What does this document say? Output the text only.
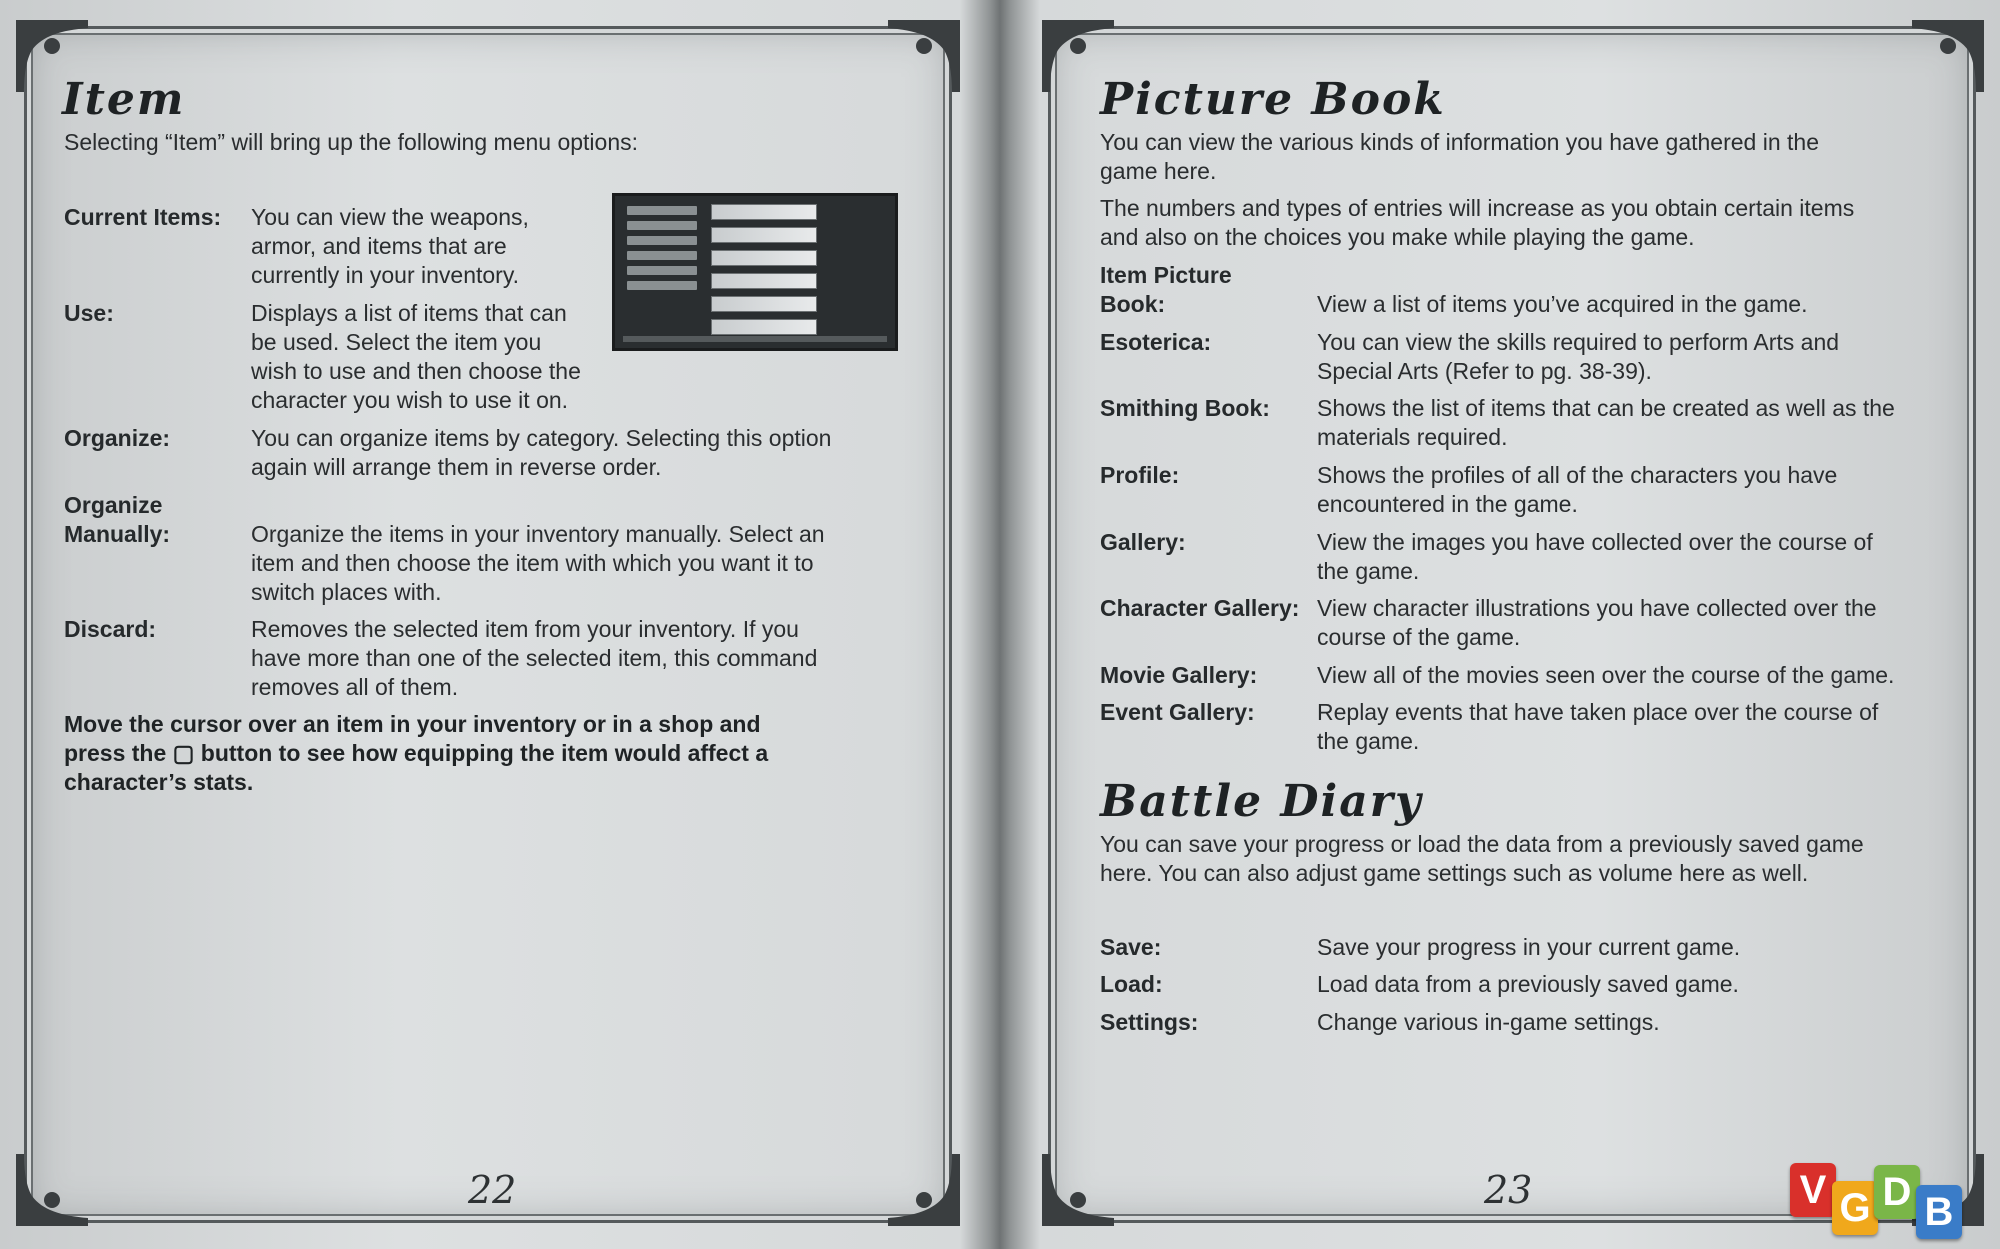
Item

Selecting “Item” will bring up the following menu options:

Current Items: You can view the weapons,
armor, and items that are
currently in your inventory.
Use:	Displays a list of items that can
be used. Select the item you
wish to use and then choose the
character you wish to use it on.
Organize:	You can organize items by category. Selecting this option
again will arrange them in reverse order.
Organize
Manually:	Organize the items in your inventory manually. Select an
item and then choose the item with which you want it to
switch places with.
Discard:	Removes the selected item from your inventory. If you
have more than one of the selected item, this command
removes all of them.
Move the cursor over an item in your inventory or in a shop and
press the ▢ button to see how equipping the item would affect a
character’s stats.
22
Picture Book
You can view the various kinds of information you have gathered in the
game here.
The numbers and types of entries will increase as you obtain certain items
and also on the choices you make while playing the game.
Item Picture
Book:	View a list of items you’ve acquired in the game.
Esoterica:	You can view the skills required to perform Arts and
Special Arts (Refer to pg. 38-39).
Smithing Book: Shows the list of items that can be created as well as the
materials required.
Profile:	Shows the profiles of all of the characters you have
encountered in the game.
Gallery:	View the images you have collected over the course of
the game.
Character Gallery: View character illustrations you have collected over the
course of the game.
Movie Gallery:	View all of the movies seen over the course of the game.
Event Gallery:	Replay events that have taken place over the course of
the game.
Battle Diary
You can save your progress or load the data from a previously saved game
here. You can also adjust game settings such as volume here as well.
Save:	Save your progress in your current game.
Load:	Load data from a previously saved game.
Settings:	Change various in-game settings.
23	V G D B
